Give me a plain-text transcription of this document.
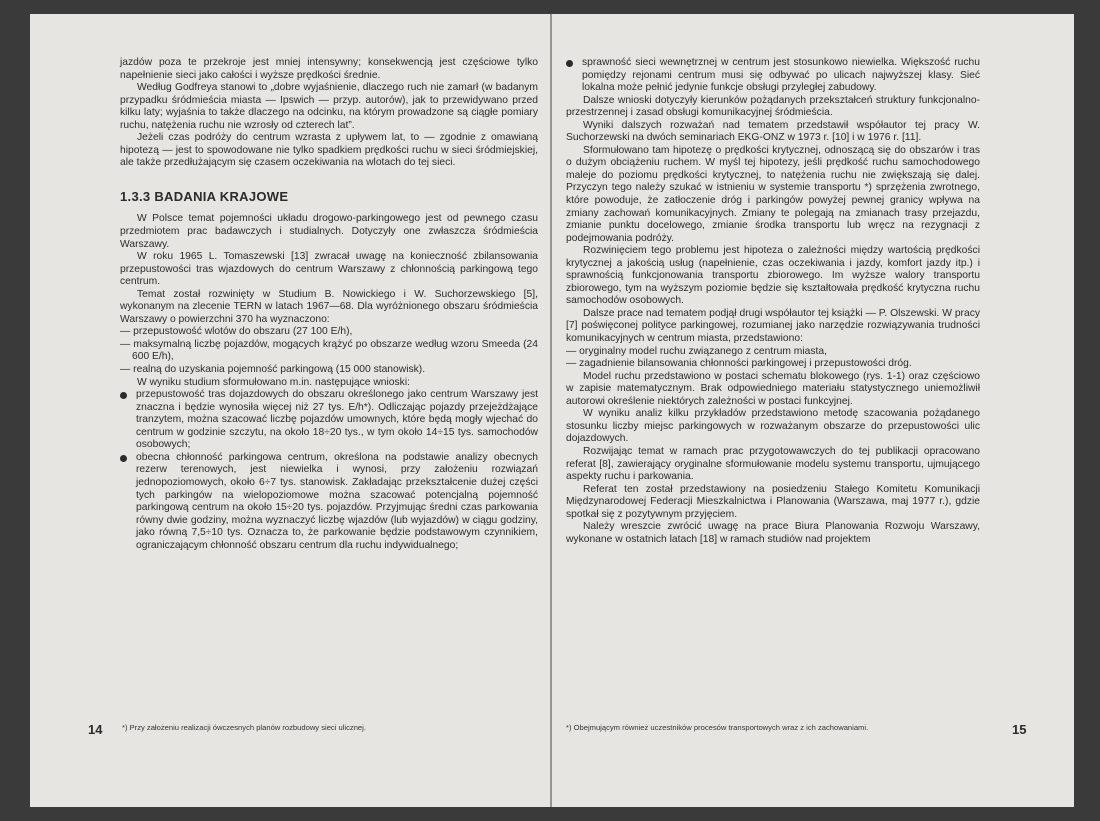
jazdów poza te przekroje jest mniej intensywny; konsekwencją jest częściowe tylko napełnienie sieci jako całości i wyższe prędkości średnie.

Według Godfreya stanowi to „dobre wyjaśnienie, dlaczego ruch nie zamarł (w badanym przypadku śródmieścia miasta — Ipswich — przyp. autorów), jak to przewidywano przed kilku laty; wyjaśnia to także dlaczego na odcinku, na którym prowadzone są ciągłe pomiary ruchu, natężenia ruchu nie wzrosły od czterech lat”.

Jeżeli czas podróży do centrum wzrasta z upływem lat, to — zgodnie z omawianą hipotezą — jest to spowodowane nie tylko spadkiem prędkości ruchu w sieci śródmiejskiej, ale także przedłużającym się czasem oczekiwania na wlotach do tej sieci.

1.3.3 BADANIA KRAJOWE

W Polsce temat pojemności układu drogowo-parkingowego jest od pewnego czasu przedmiotem prac badawczych i studialnych. Dotyczyły one zwłaszcza śródmieścia Warszawy.

W roku 1965 L. Tomaszewski [13] zwracał uwagę na konieczność zbilansowania przepustowości tras wjazdowych do centrum Warszawy z chłonnością parkingową tego centrum.

Temat został rozwinięty w Studium B. Nowickiego i W. Suchorzewskiego [5], wykonanym na zlecenie TERN w latach 1967—68. Dla wyróżnionego obszaru śródmieścia Warszawy o powierzchni 370 ha wyznaczono:

— przepustowość wlotów do obszaru (27 100 E/h),

— maksymalną liczbę pojazdów, mogących krążyć po obszarze według wzoru Smeeda (24 600 E/h),

— realną do uzyskania pojemność parkingową (15 000 stanowisk).

W wyniku studium sformułowano m.in. następujące wnioski:

przepustowość tras dojazdowych do obszaru określonego jako centrum Warszawy jest znaczna i będzie wynosiła więcej niż 27 tys. E/h*). Odliczając pojazdy przejeżdżające tranzytem, można szacować liczbę pojazdów umownych, które będą mogły wjechać do centrum w godzinie szczytu, na około 18÷20 tys., w tym około 14÷15 tys. samochodów osobowych;

obecna chłonność parkingowa centrum, określona na podstawie analizy obecnych rezerw terenowych, jest niewielka i wynosi, przy założeniu rozwiązań jednopoziomowych, około 6÷7 tys. stanowisk. Zakładając przekształcenie dużej części tych parkingów na wielopoziomowe można szacować potencjalną pojemność parkingową centrum na około 15÷20 tys. pojazdów. Przyjmując średni czas parkowania równy dwie godziny, można wyznaczyć liczbę wjazdów (lub wyjazdów) w ciągu godziny, jako równą 7,5÷10 tys. Oznacza to, że parkowanie będzie podstawowym czynnikiem, ograniczającym chłonność obszaru centrum dla ruchu indywidualnego;

14	*) Przy założeniu realizacji ówczesnych planów rozbudowy sieci ulicznej.

sprawność sieci wewnętrznej w centrum jest stosunkowo niewielka. Większość ruchu pomiędzy rejonami centrum musi się odbywać po ulicach najwyższej klasy. Sieć lokalna może pełnić jedynie funkcje obsługi przyległej zabudowy.

Dalsze wnioski dotyczyły kierunków pożądanych przekształceń struktury funkcjonalno-przestrzennej i zasad obsługi komunikacyjnej śródmieścia.

Wyniki dalszych rozważań nad tematem przedstawił współautor tej pracy W. Suchorzewski na dwóch seminariach EKG-ONZ w 1973 r. [10] i w 1976 r. [11].

Sformułowano tam hipotezę o prędkości krytycznej, odnoszącą się do obszarów i tras o dużym obciążeniu ruchem. W myśl tej hipotezy, jeśli prędkość ruchu samochodowego maleje do poziomu prędkości krytycznej, to natężenia ruchu nie zwiększają się dalej. Przyczyn tego należy szukać w istnieniu w systemie transportu *) sprzężenia zwrotnego, które powoduje, że zatłoczenie dróg i parkingów powyżej pewnej granicy wpływa na zmiany zachowań komunikacyjnych. Zmiany te polegają na zmianach trasy przejazdu, zmianie punktu docelowego, zmianie środka transportu lub wręcz na rezygnacji z podejmowania podróży.

Rozwinięciem tego problemu jest hipoteza o zależności między wartością prędkości krytycznej a jakością usług (napełnienie, czas oczekiwania i jazdy, komfort jazdy itp.) i sprawnością funkcjonowania transportu zbiorowego. Im wyższe walory transportu zbiorowego, tym na wyższym poziomie będzie się kształtowała prędkość krytyczna ruchu samochodów osobowych.

Dalsze prace nad tematem podjął drugi współautor tej książki — P. Olszewski. W pracy [7] poświęconej polityce parkingowej, rozumianej jako narzędzie rozwiązywania trudności komunikacyjnych w centrum miasta, przedstawiono:

— oryginalny model ruchu związanego z centrum miasta,

— zagadnienie bilansowania chłonności parkingowej i przepustowości dróg.

Model ruchu przedstawiono w postaci schematu blokowego (rys. 1-1) oraz częściowo w zapisie matematycznym. Brak odpowiedniego materiału statystycznego uniemożliwił autorowi określenie niektórych zależności w postaci funkcyjnej.

W wyniku analiz kilku przykładów przedstawiono metodę szacowania pożądanego stosunku liczby miejsc parkingowych w rozważanym obszarze do przepustowości ulic dojazdowych.

Rozwijając temat w ramach prac przygotowawczych do tej publikacji opracowano referat [8], zawierający oryginalne sformułowanie modelu systemu transportu, ujmującego aspekty ruchu i parkowania.

Referat ten został przedstawiony na posiedzeniu Stałego Komitetu Komunikacji Międzynarodowej Federacji Mieszkalnictwa i Planowania (Warszawa, maj 1977 r.), gdzie spotkał się z pozytywnym przyjęciem.

Należy wreszcie zwrócić uwagę na prace Biura Planowania Rozwoju Warszawy, wykonane w ostatnich latach [18] w ramach studiów nad projektem

*) Obejmującym również uczestników procesów transportowych wraz z ich zachowaniami.	15
